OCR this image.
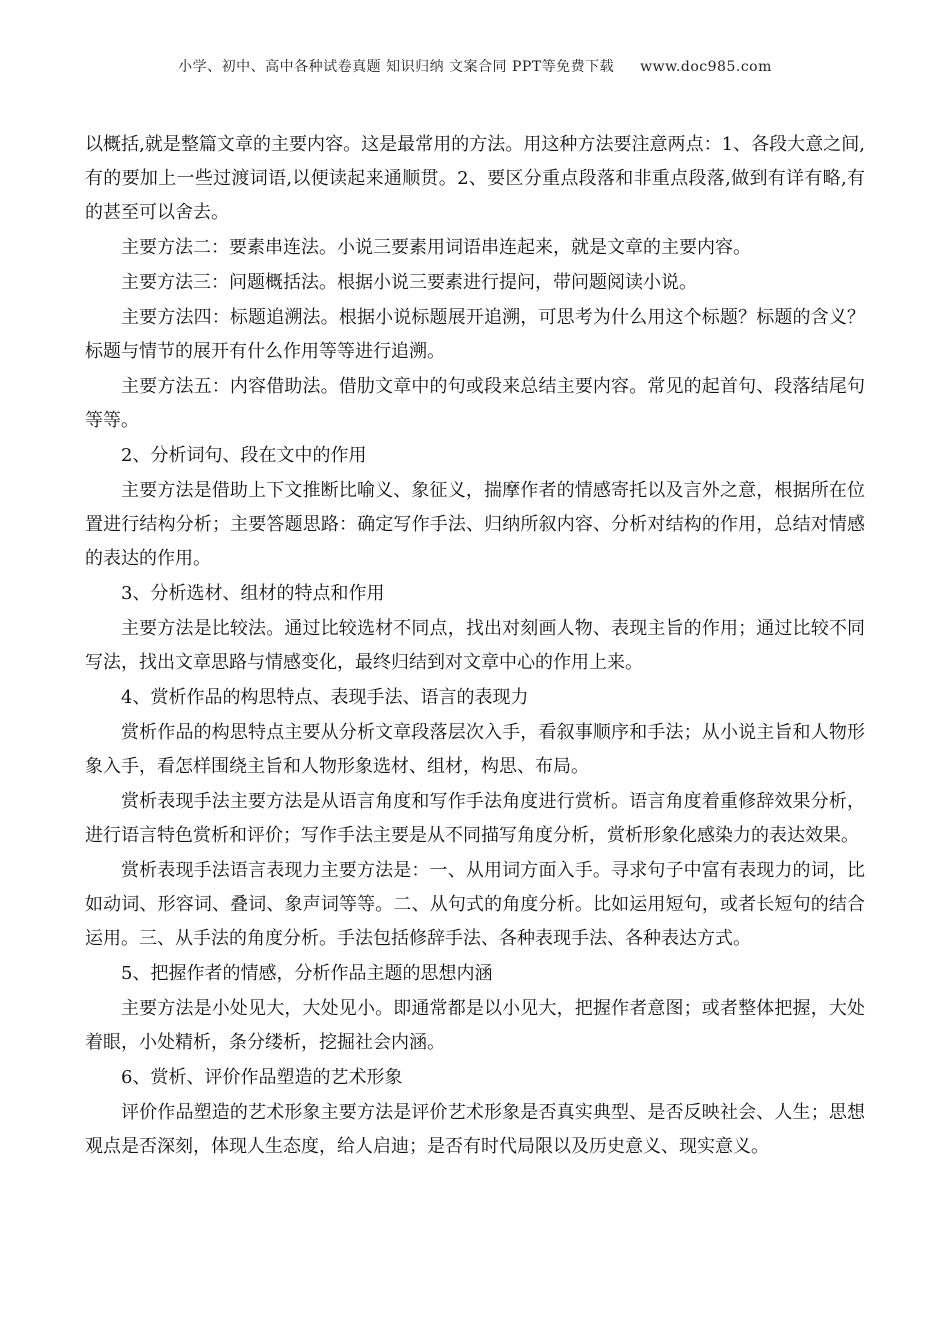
小学、初中、高中各种试卷真题 知识归纳 文案合同 PPT等免费下载 www.doc985.com

以概括,就是整篇文章的主要内容。这是最常用的方法。用这种方法要注意两点：1、各段大意之间,有的要加上一些过渡词语,以便读起来通顺贯。2、要区分重点段落和非重点段落,做到有详有略,有的甚至可以舍去。

主要方法二：要素串连法。小说三要素用词语串连起来，就是文章的主要内容。

主要方法三：问题概括法。根据小说三要素进行提问，带问题阅读小说。

主要方法四：标题追溯法。根据小说标题展开追溯，可思考为什么用这个标题？标题的含义？标题与情节的展开有什么作用等等进行追溯。

主要方法五：内容借助法。借肋文章中的句或段来总结主要内容。常见的起首句、段落结尾句等等。

2、分析词句、段在文中的作用

主要方法是借助上下文推断比喻义、象征义，揣摩作者的情感寄托以及言外之意，根据所在位置进行结构分析；主要答题思路：确定写作手法、归纳所叙内容、分析对结构的作用，总结对情感的表达的作用。

3、分析选材、组材的特点和作用

主要方法是比较法。通过比较选材不同点，找出对刻画人物、表现主旨的作用；通过比较不同写法，找出文章思路与情感变化，最终归结到对文章中心的作用上来。

4、赏析作品的构思特点、表现手法、语言的表现力

赏析作品的构思特点主要从分析文章段落层次入手，看叙事顺序和手法；从小说主旨和人物形象入手，看怎样围绕主旨和人物形象选材、组材，构思、布局。

赏析表现手法主要方法是从语言角度和写作手法角度进行赏析。语言角度着重修辞效果分析，进行语言特色赏析和评价；写作手法主要是从不同描写角度分析，赏析形象化感染力的表达效果。

赏析表现手法语言表现力主要方法是：一、从用词方面入手。寻求句子中富有表现力的词，比如动词、形容词、叠词、象声词等等。二、从句式的角度分析。比如运用短句，或者长短句的结合运用。三、从手法的角度分析。手法包括修辞手法、各种表现手法、各种表达方式。

5、把握作者的情感，分析作品主题的思想内涵

主要方法是小处见大，大处见小。即通常都是以小见大，把握作者意图；或者整体把握，大处着眼，小处精析，条分缕析，挖掘社会内涵。

6、赏析、评价作品塑造的艺术形象

评价作品塑造的艺术形象主要方法是评价艺术形象是否真实典型、是否反映社会、人生；思想观点是否深刻，体现人生态度，给人启迪；是否有时代局限以及历史意义、现实意义。
